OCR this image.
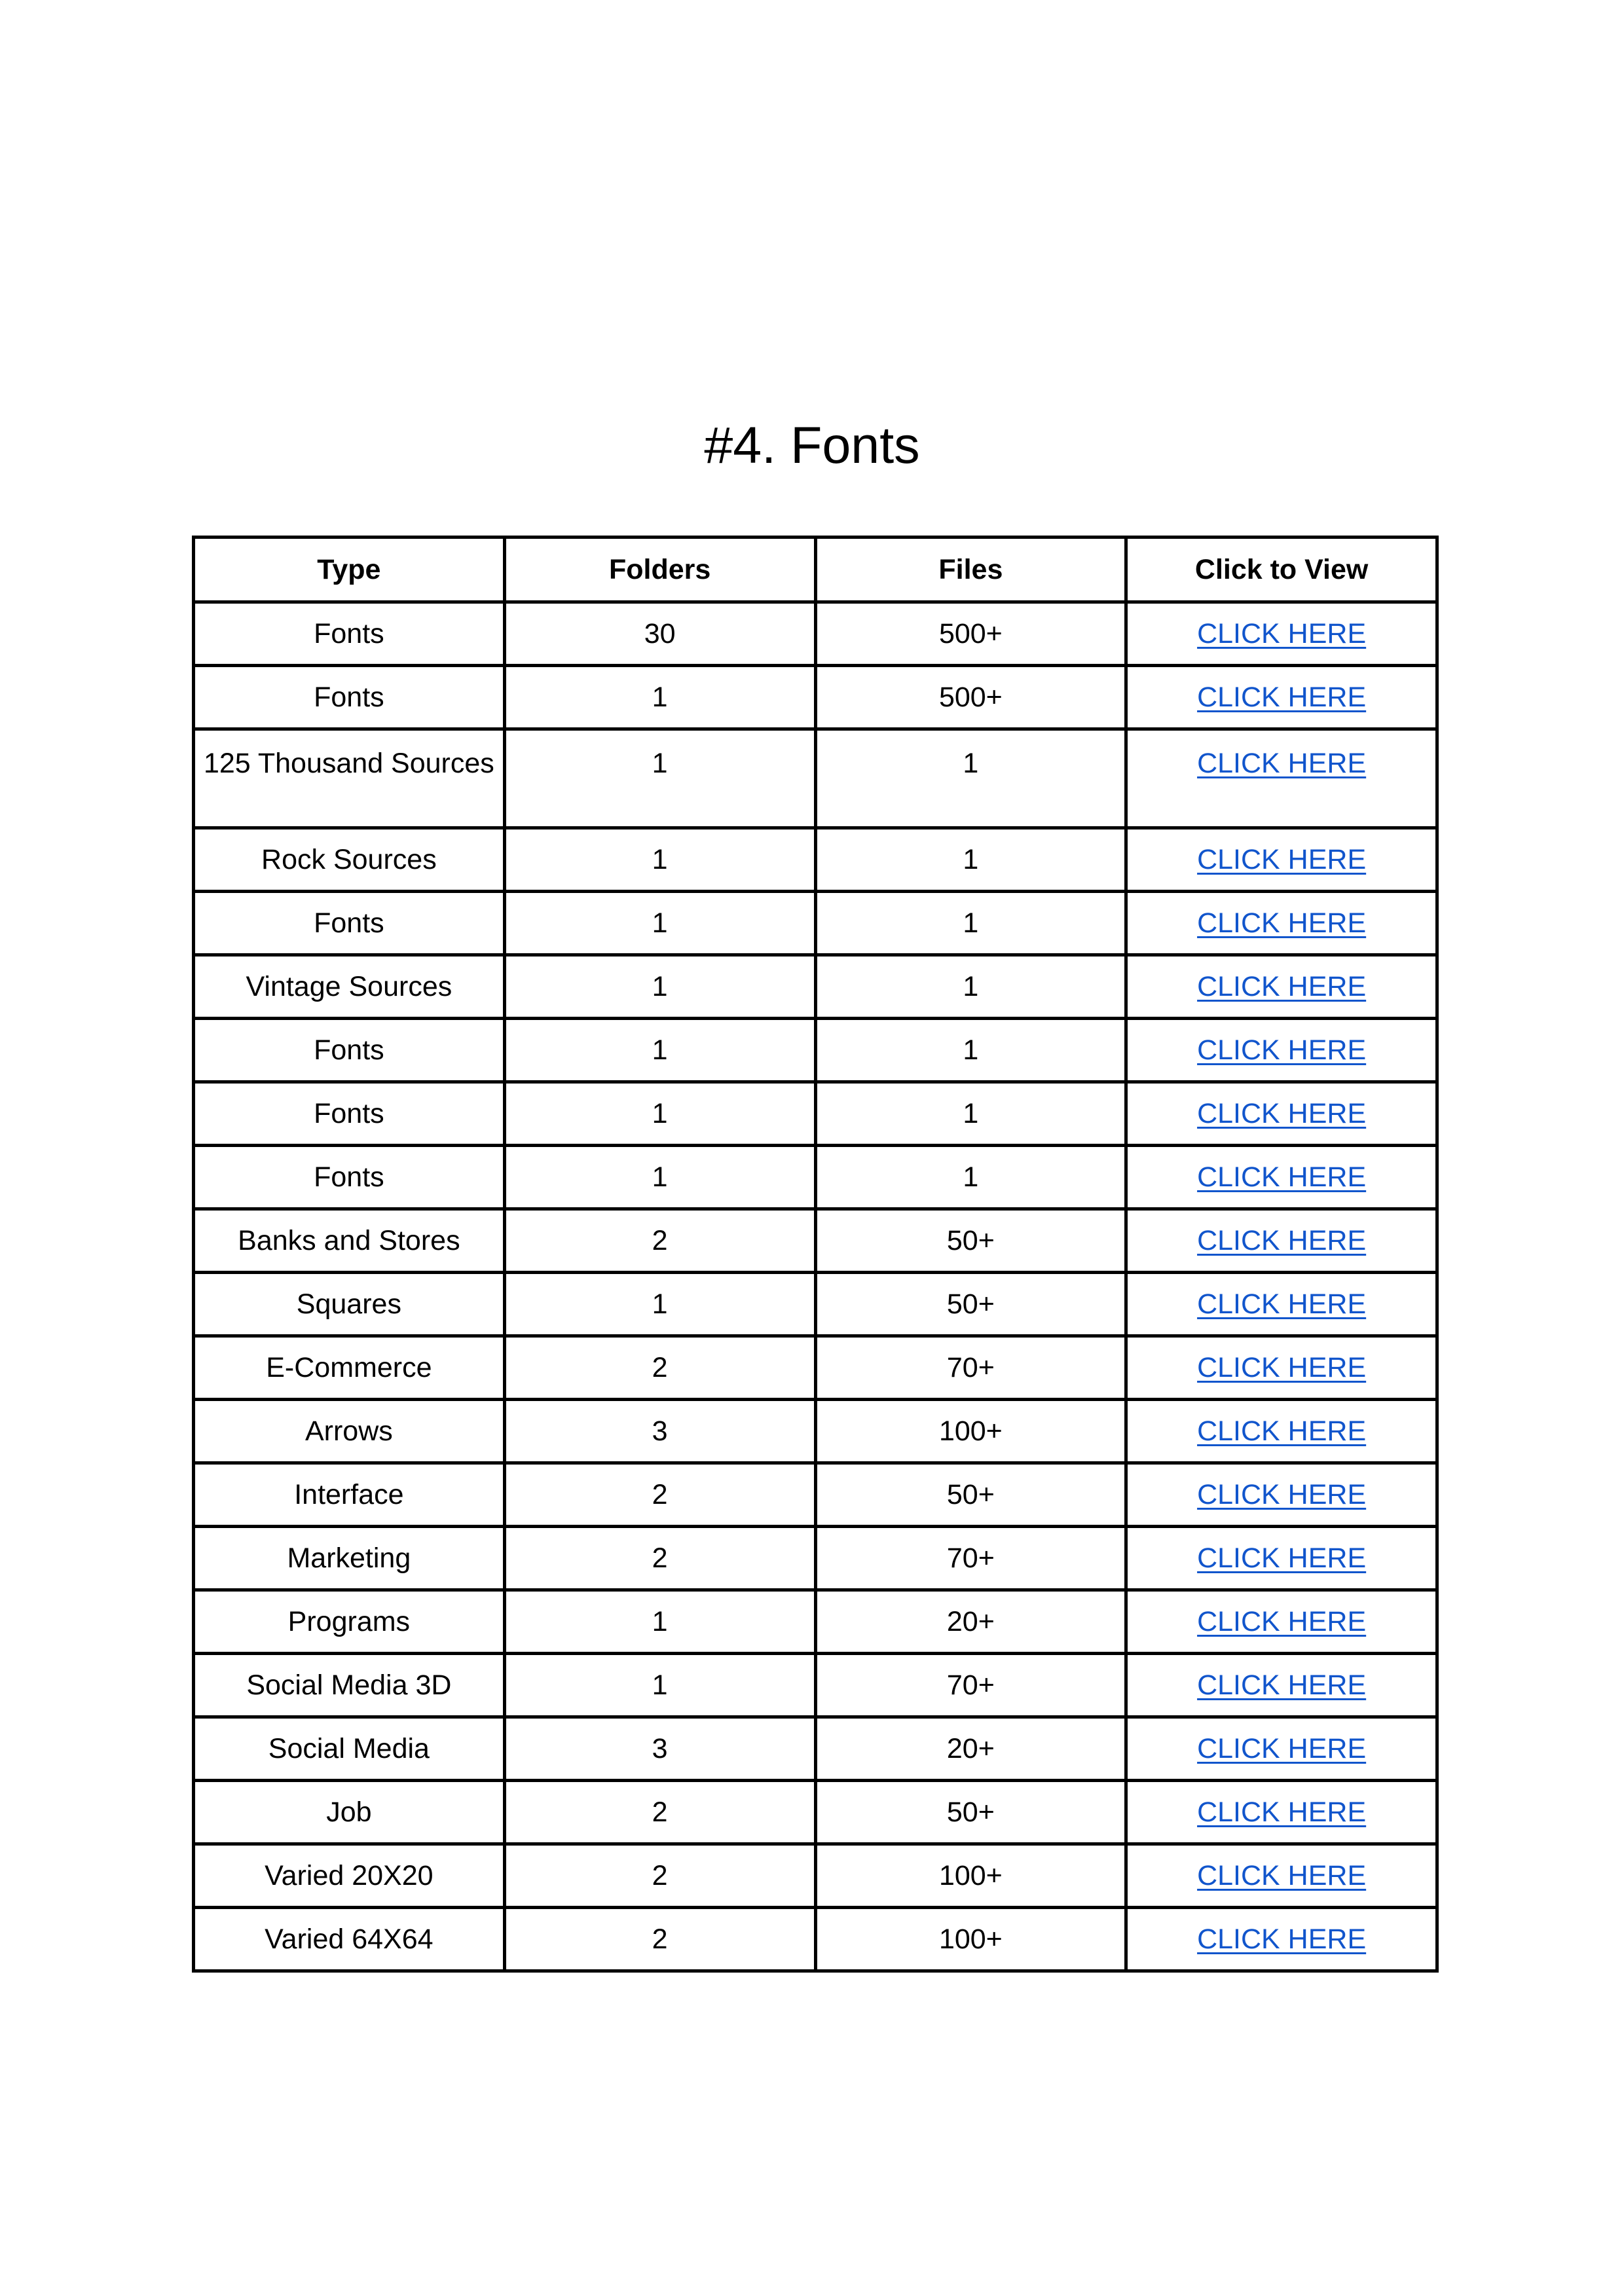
#4. Fonts
Type	Folders	Files	Click to View
Fonts	30	500+	CLICK HERE
Fonts	1	500+	CLICK HERE
125 Thousand Sources	1	1	CLICK HERE
Rock Sources	1	1	CLICK HERE
Fonts	1	1	CLICK HERE
Vintage Sources	1	1	CLICK HERE
Fonts	1	1	CLICK HERE
Fonts	1	1	CLICK HERE
Fonts	1	1	CLICK HERE
Banks and Stores	2	50+	CLICK HERE
Squares	1	50+	CLICK HERE
E-Commerce	2	70+	CLICK HERE
Arrows	3	100+	CLICK HERE
Interface	2	50+	CLICK HERE
Marketing	2	70+	CLICK HERE
Programs	1	20+	CLICK HERE
Social Media 3D	1	70+	CLICK HERE
Social Media	3	20+	CLICK HERE
Job	2	50+	CLICK HERE
Varied 20X20	2	100+	CLICK HERE
Varied 64X64	2	100+	CLICK HERE
